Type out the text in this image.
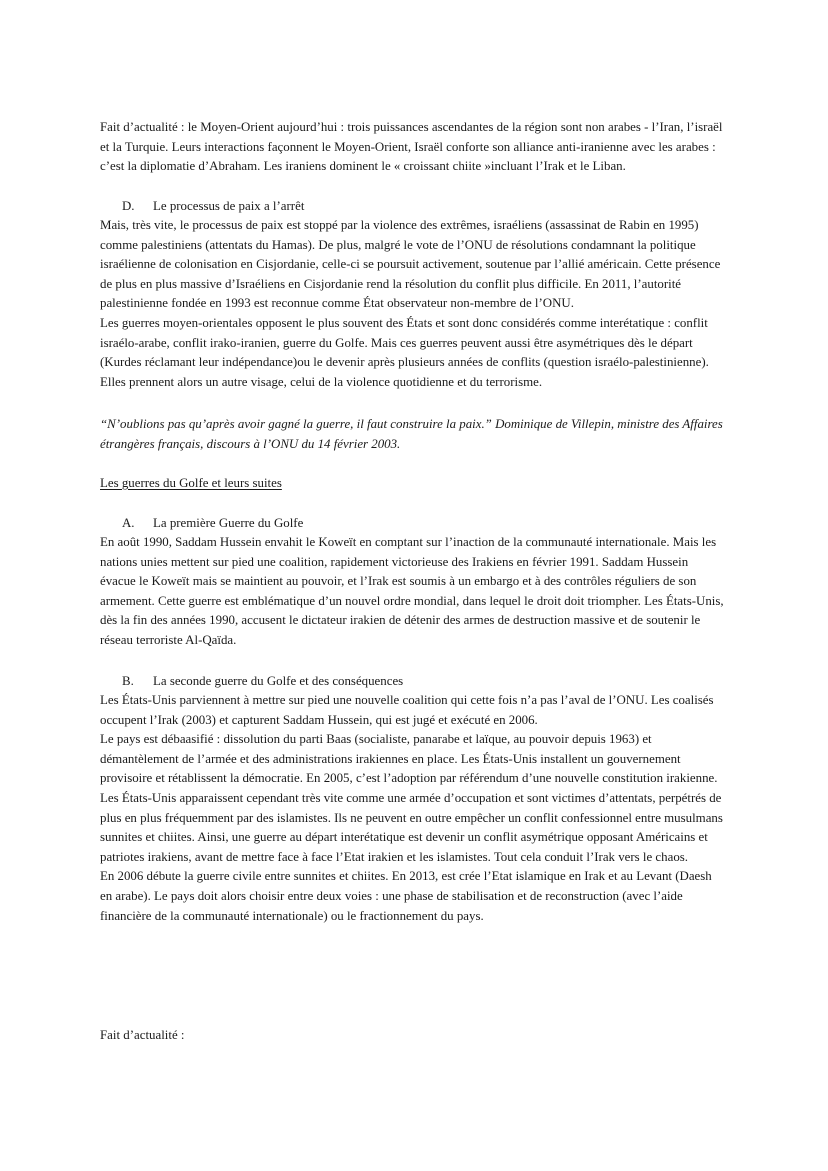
Fait d’actualité : le Moyen-Orient aujourd’hui : trois puissances ascendantes de la région sont non arabes - l’Iran, l’israël et la Turquie. Leurs interactions façonnent le Moyen-Orient, Israël conforte son alliance anti-iranienne avec les arabes : c’est la diplomatie d’Abraham. Les iraniens dominent le « croissant chiite »incluant l’Irak et le Liban.

D. Le processus de paix a l’arrêt

Mais, très vite, le processus de paix est stoppé par la violence des extrêmes, israéliens (assassinat de Rabin en 1995) comme palestiniens (attentats du Hamas). De plus, malgré le vote de l’ONU de résolutions condamnant la politique israélienne de colonisation en Cisjordanie, celle-ci se poursuit activement, soutenue par l’allié américain. Cette présence de plus en plus massive d’Israéliens en Cisjordanie rend la résolution du conflit plus difficile. En 2011, l’autorité palestinienne fondée en 1993 est reconnue comme État observateur non-membre de l’ONU.

Les guerres moyen-orientales opposent le plus souvent des États et sont donc considérés comme interétatique : conflit israélo-arabe, conflit irako-iranien, guerre du Golfe. Mais ces guerres peuvent aussi être asymétriques dès le départ (Kurdes réclamant leur indépendance)ou le devenir après plusieurs années de conflits (question israélo-palestinienne). Elles prennent alors un autre visage, celui de la violence quotidienne et du terrorisme.

“N’oublions pas qu’après avoir gagné la guerre, il faut construire la paix.” Dominique de Villepin, ministre des Affaires étrangères français, discours à l’ONU du 14 février 2003.

Les guerres du Golfe et leurs suites

A. La première Guerre du Golfe

En août 1990, Saddam Hussein envahit le Koweït en comptant sur l’inaction de la communauté internationale. Mais les nations unies mettent sur pied une coalition, rapidement victorieuse des Irakiens en février 1991. Saddam Hussein évacue le Koweït mais se maintient au pouvoir, et l’Irak est soumis à un embargo et à des contrôles réguliers de son armement. Cette guerre est emblématique d’un nouvel ordre mondial, dans lequel le droit doit triompher. Les États-Unis, dès la fin des années 1990, accusent le dictateur irakien de détenir des armes de destruction massive et de soutenir le réseau terroriste Al-Qaïda.

B. La seconde guerre du Golfe et des conséquences

Les États-Unis parviennent à mettre sur pied une nouvelle coalition qui cette fois n’a pas l’aval de l’ONU. Les coalisés occupent l’Irak (2003) et capturent Saddam Hussein, qui est jugé et exécuté en 2006.

Le pays est débaasifié : dissolution du parti Baas (socialiste, panarabe et laïque, au pouvoir depuis 1963) et démantèlement de l’armée et des administrations irakiennes en place. Les États-Unis installent un gouvernement provisoire et rétablissent la démocratie. En 2005, c’est l’adoption par référendum d’une nouvelle constitution irakienne.

Les États-Unis apparaissent cependant très vite comme une armée d’occupation et sont victimes d’attentats, perpétrés de plus en plus fréquemment par des islamistes. Ils ne peuvent en outre empêcher un conflit confessionnel entre musulmans sunnites et chiites. Ainsi, une guerre au départ interétatique est devenir un conflit asymétrique opposant Américains et patriotes irakiens, avant de mettre face à face l’Etat irakien et les islamistes. Tout cela conduit l’Irak vers le chaos.

En 2006 débute la guerre civile entre sunnites et chiites. En 2013, est crée l’Etat islamique en Irak et au Levant (Daesh en arabe). Le pays doit alors choisir entre deux voies : une phase de stabilisation et de reconstruction (avec l’aide financière de la communauté internationale) ou le fractionnement du pays.

Fait d’actualité :
